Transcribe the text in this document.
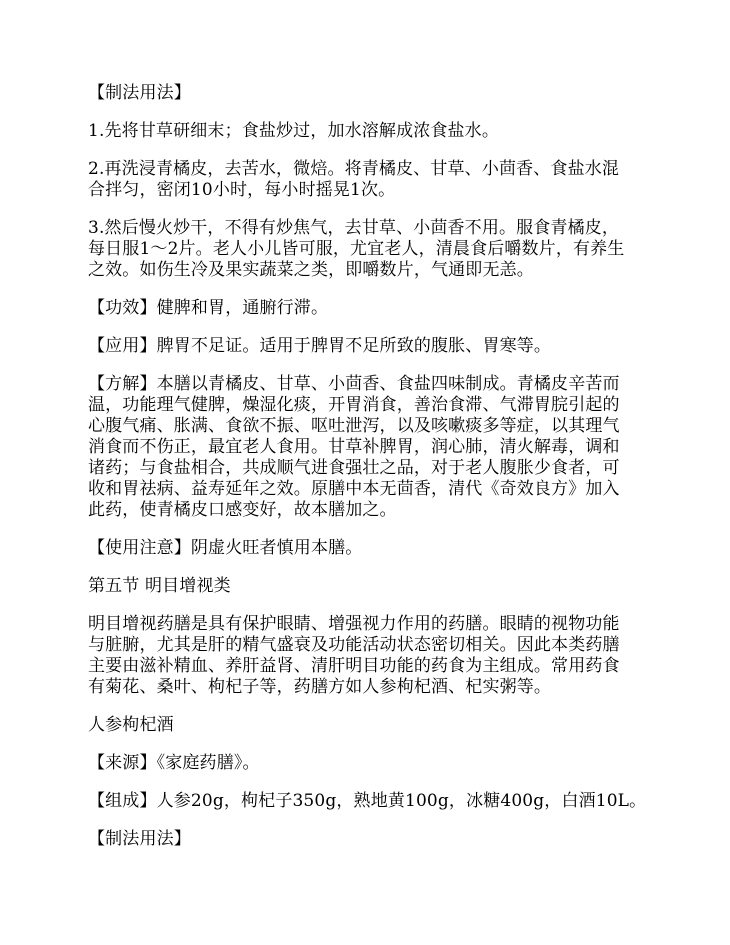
【制法用法】

1.先将甘草研细末；食盐炒过，加水溶解成浓食盐水。

2.再洗浸青橘皮，去苦水，微焙。将青橘皮、甘草、小茴香、食盐水混
合拌匀，密闭10小时，每小时摇晃1次。

3.然后慢火炒干，不得有炒焦气，去甘草、小茴香不用。服食青橘皮，
每日服1～2片。老人小儿皆可服，尤宜老人，清晨食后嚼数片，有养生
之效。如伤生冷及果实蔬菜之类，即嚼数片，气通即无恙。

【功效】健脾和胃，通腑行滞。

【应用】脾胃不足证。适用于脾胃不足所致的腹胀、胃寒等。

【方解】本膳以青橘皮、甘草、小茴香、食盐四味制成。青橘皮辛苦而
温，功能理气健脾，燥湿化痰，开胃消食，善治食滞、气滞胃脘引起的
心腹气痛、胀满、食欲不振、呕吐泄泻，以及咳嗽痰多等症，以其理气
消食而不伤正，最宜老人食用。甘草补脾胃，润心肺，清火解毒，调和
诸药；与食盐相合，共成顺气进食强壮之品，对于老人腹胀少食者，可
收和胃祛病、益寿延年之效。原膳中本无茴香，清代《奇效良方》加入
此药，使青橘皮口感变好，故本膳加之。

【使用注意】阴虚火旺者慎用本膳。

第五节 明目增视类

明目增视药膳是具有保护眼睛、增强视力作用的药膳。眼睛的视物功能
与脏腑，尤其是肝的精气盛衰及功能活动状态密切相关。因此本类药膳
主要由滋补精血、养肝益肾、清肝明目功能的药食为主组成。常用药食
有菊花、桑叶、枸杞子等，药膳方如人参枸杞酒、杞实粥等。

人参枸杞酒

【来源】《家庭药膳》。

【组成】人参20g，枸杞子350g，熟地黄100g，冰糖400g，白酒10L。

【制法用法】
